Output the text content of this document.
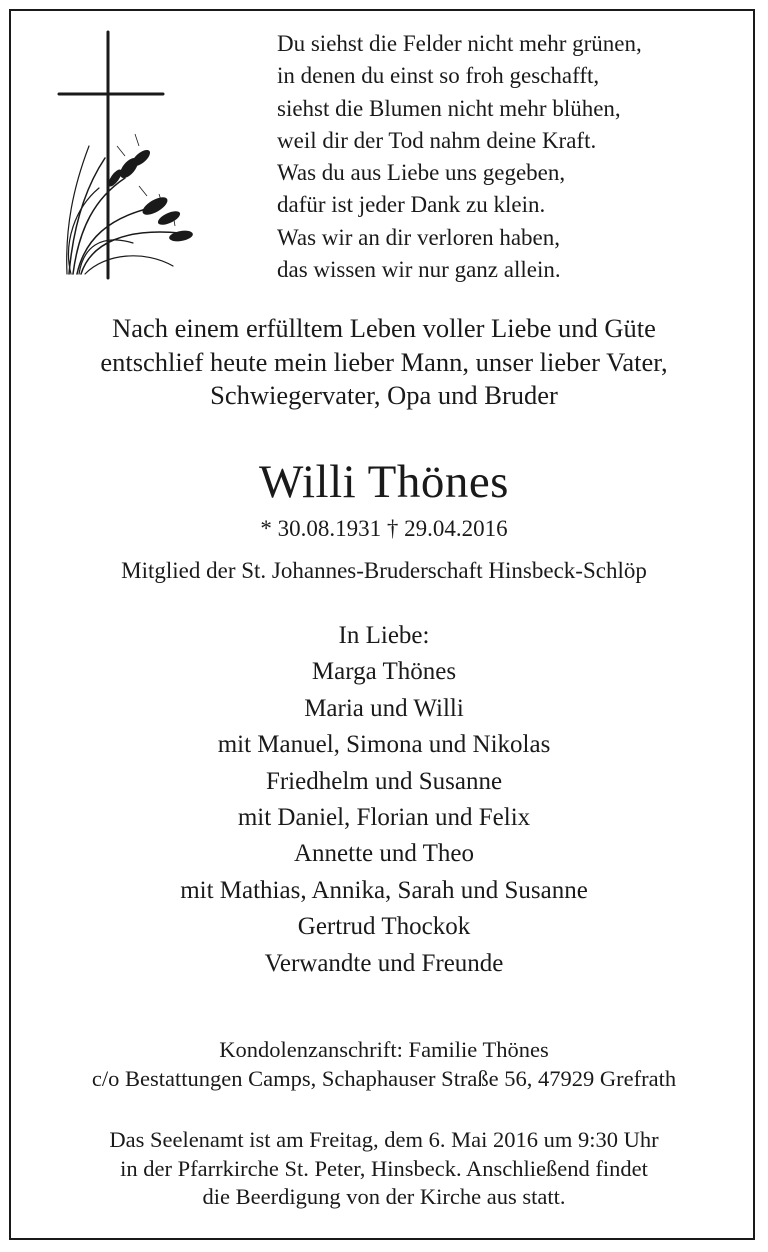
Du siehst die Felder nicht mehr grünen,
in denen du einst so froh geschafft,
siehst die Blumen nicht mehr blühen,
weil dir der Tod nahm deine Kraft.
Was du aus Liebe uns gegeben,
dafür ist jeder Dank zu klein.
Was wir an dir verloren haben,
das wissen wir nur ganz allein.
Nach einem erfülltem Leben voller Liebe und Güte
entschlief heute mein lieber Mann, unser lieber Vater,
Schwiegervater, Opa und Bruder
Willi Thönes
* 30.08.1931 † 29.04.2016
Mitglied der St. Johannes-Bruderschaft Hinsbeck-Schlöp
In Liebe:
Marga Thönes
Maria und Willi
mit Manuel, Simona und Nikolas
Friedhelm und Susanne
mit Daniel, Florian und Felix
Annette und Theo
mit Mathias, Annika, Sarah und Susanne
Gertrud Thockok
Verwandte und Freunde
Kondolenzanschrift: Familie Thönes
c/o Bestattungen Camps, Schaphauser Straße 56, 47929 Grefrath
Das Seelenamt ist am Freitag, dem 6. Mai 2016 um 9:30 Uhr
in der Pfarrkirche St. Peter, Hinsbeck. Anschließend findet
die Beerdigung von der Kirche aus statt.
